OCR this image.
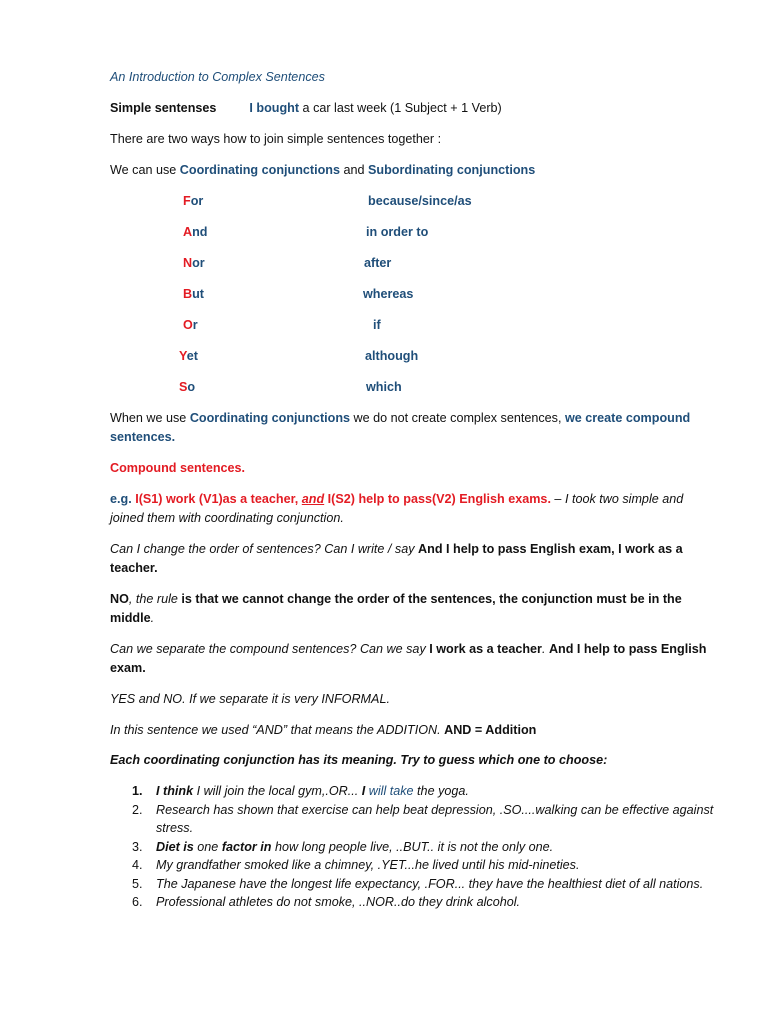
An Introduction to Complex Sentences
Simple sentenses	I bought a car last week (1 Subject + 1 Verb)
There are two ways how to join simple sentences together :
We can use Coordinating conjunctions and Subordinating conjunctions
For
And
Nor
But
Or
Yet
So
because/since/as
in order to
after
whereas
if
although
which
When we use Coordinating conjunctions we do not create complex sentences, we create compound
sentences.
Compound sentences.
e.g. I(S1) work (V1)as a teacher, and I(S2) help to pass(V2) English exams. – I took two simple and
joined them with coordinating conjunction.
Can I change the order of sentences? Can I write / say And I help to pass English exam, I work as a
teacher.
NO, the rule is that we cannot change the order of the sentences, the conjunction must be in the
middle.
Can we separate the compound sentences? Can we say I work as a teacher. And I help to pass English
exam.
YES and NO. If we separate it is very INFORMAL.
In this sentence we used “AND” that means the ADDITION. AND = Addition
Each coordinating conjunction has its meaning. Try to guess which one to choose:
1. I think I will join the local gym,.OR... I will take the yoga.
2. Research has shown that exercise can help beat depression, .SO....walking can be effective against stress.
3. Diet is one factor in how long people live, ..BUT.. it is not the only one.
4. My grandfather smoked like a chimney, .YET...he lived until his mid-nineties.
5. The Japanese have the longest life expectancy, .FOR... they have the healthiest diet of all nations.
6. Professional athletes do not smoke, ..NOR..do they drink alcohol.
